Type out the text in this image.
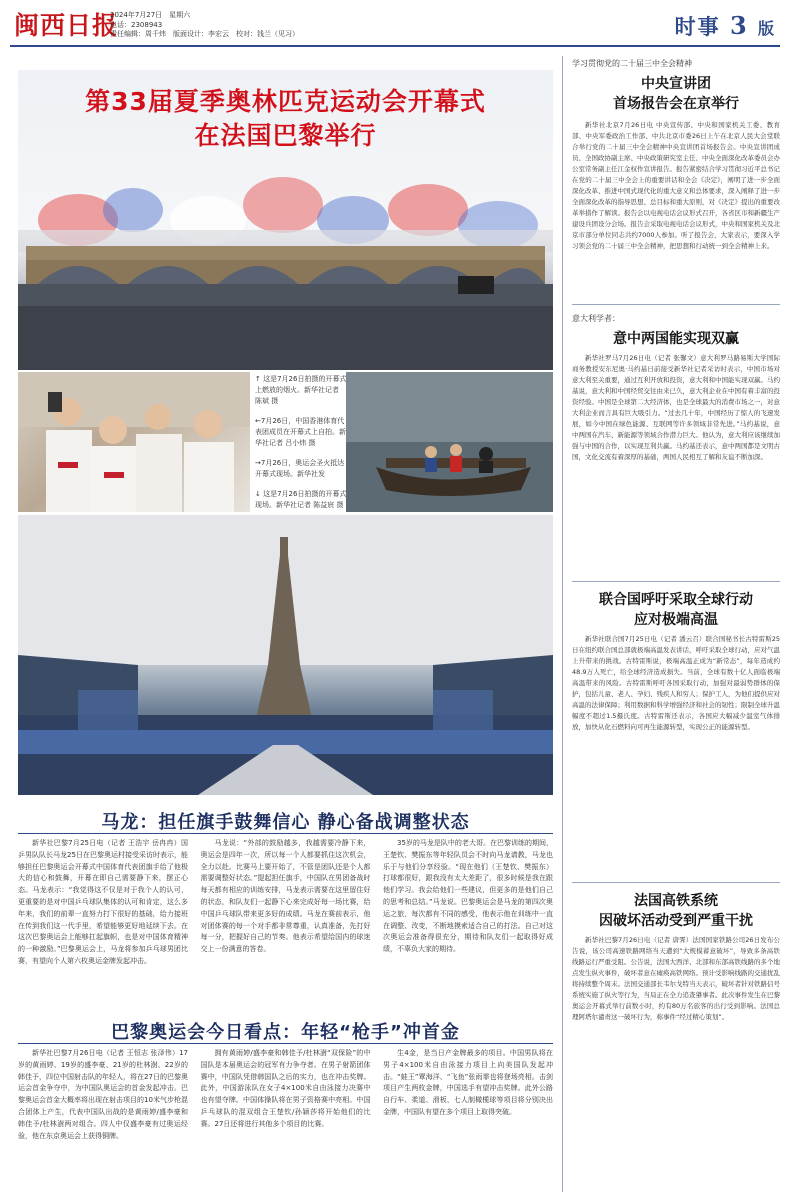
闽西日报
2024年7月27日　星期六
电话：2308943
责任编辑：周千炜　版面设计：李宏云　校对：钱兰（见习）	时事 3 版
第33届夏季奥林匹克运动会开幕式
在法国巴黎举行

↑ 这是7月26日拍摄的开幕式上燃放的烟火。新华社记者 陈斌 摄

←7月26日，中国香港体育代表团成员在开幕式上自拍。新华社记者 吕小炜 摄

→7月26日，奥运会圣火抵达开幕式现场。新华社发

↓ 这是7月26日拍摄的开幕式现场。新华社记者 陈益宸 摄

马龙：担任旗手鼓舞信心 静心备战调整状态

新华社巴黎7月25日电（记者 王浩宇 岳冉冉）国乒男队队长马龙25日在巴黎奥运村接受采访时表示，能够担任巴黎奥运会开幕式中国体育代表团旗手给了他极大的信心和鼓舞，开幕在即自己需要静下来，摆正心态。马龙表示：“我觉得这不仅是对于我个人的认可，更重要的是对中国乒乓球队集体的认可和肯定，这么多年来，我们的前辈一直努力打下很好的基础，给力接班在传到我们这一代手里，希望能够更好地延续下去。在这次巴黎奥运会上能够扛起旗帜，也是对中国体育精神的一种激励。”巴黎奥运会上，马龙将参加乒乓球男团比赛，有望向个人第六枚奥运金牌发起冲击。

马龙说：“外部的鼓励越多，我越需要冷静下来，奥运会是四年一次，所以每一个人都要抓住这次机会，全力以赴。比赛马上要开始了，不管是团队还是个人都需要调整好状态。”提起担任旗手，中国队在男团备战时每天都有相应的训练安排，马龙表示需要在这里留住好的状态，和队友们一起静下心来完成好每一场比赛，给中国乒乓球队带来更多好的成绩。马龙在赛前表示，他对团体赛的每一个对手都非常尊重，认真准备，先打好每一分，把握好自己的节奏。他表示希望给国内的球迷交上一份满意的答卷。

35岁的马龙是队中的老大哥。在巴黎训练的期间，王楚钦、樊振东等年轻队员会不时向马龙请教，马龙也乐于与他们分享经验。“现在他们（王楚钦、樊振东）打球都很好，跟我没有太大差距了，很多时候是我在跟他们学习。我会给他们一些建议，但更多的是他们自己的思考和总结。”马龙说。巴黎奥运会是马龙的第四次奥运之旅，每次都有不同的感受，他表示他在训练中一直在调整、改变，不断地摸索适合自己的打法。自己对这次奥运会准备得很充分，期待和队友们一起取得好成绩，不辜负大家的期待。

巴黎奥运会今日看点：年轻“枪手”冲首金

新华社巴黎7月26日电（记者 王恒志 张泽伟）17岁的黄雨婷、19岁的盛李豪、21岁的杜林澍、22岁的韩佳予，四位中国射击队的年轻人，将在27日的巴黎奥运会首金争夺中，为中国队奥运会的首金发起冲击。巴黎奥运会首金大概率将出现在射击项目的10米气步枪混合团体上产生，代表中国队出战的是黄雨婷/盛李豪和韩佳予/杜林澍两对组合。四人中仅盛李豪有过奥运经验，他在东京奥运会上获得铜牌。

拥有黄雨婷/盛李豪和韩佳予/杜林澍“双保险”的中国队是本届奥运会的冠军有力争夺者。在男子射箭团体赛中，中国队凭借韩国队之后的实力，也在冲击奖牌。此外，中国游泳队在女子4×100米自由泳接力决赛中也有望夺牌。中国体操队将在男子资格赛中亮相。中国乒乓球队的混双组合王楚钦/孙颖莎将开始他们的比赛。27日还将进行其他多个项目的比赛。

生4金，是当日产金牌最多的项目。中国男队将在男子4×100米自由泳接力项目上向美国队发起冲击。“蛙王”覃海洋、“飞鱼”张雨霏也将登场亮相。击剑项目产生两枚金牌，中国选手有望冲击奖牌。此外公路自行车、柔道、滑板、七人制橄榄球等项目将分别决出金牌，中国队有望在多个项目上取得突破。

学习贯彻党的二十届三中全会精神
中央宣讲团
首场报告会在京举行

新华社北京7月26日电 中央宣传部、中央和国家机关工委、教育部、中央军委政治工作部、中共北京市委26日上午在北京人民大会堂联合举行党的二十届三中全会精神中央宣讲团首场报告会。中央宣讲团成员、全国政协副主席、中央政策研究室主任、中央全面深化改革委员会办公室常务副主任江金权作宣讲报告。报告紧密结合学习贯彻习近平总书记在党的二十届三中全会上的重要讲话和全会《决定》，阐明了进一步全面深化改革、推进中国式现代化的重大意义和总体要求，深入阐释了进一步全面深化改革的指导思想、总目标和重大原则，对《决定》提出的重要改革举措作了解读。报告会以电视电话会议形式召开，各省区市和新疆生产建设兵团设分会场。报告会采取电视电话会议形式，中央和国家机关及北京市部分单位同志共约7000人参加。听了报告会，大家表示，要深入学习领会党的二十届三中全会精神，把思想和行动统一到全会精神上来。

意大利学者：
意中两国能实现双赢

新华社罗马7月26日电（记者 张馨文）意大利罗马路易斯大学国际商务教授安东尼奥·马约基日前接受新华社记者采访时表示，中国市场对意大利至关重要，通过互利开放和投资，意大利和中国能实现双赢。马约基说，意大利和中国经贸交往由来已久，意大利企业在中国有着丰富的投资经验。中国是全球第二大经济体，也是全球最大的消费市场之一，对意大利企业而言具有巨大吸引力。“过去几十年，中国经历了惊人的飞速发展，如今中国在绿色能源、互联网等许多领域非常先进。”马约基说，意中两国在汽车、新能源等领域合作潜力巨大。他认为，意大利应该继续加强与中国的合作，以实现互利共赢。马约基还表示，意中两国都是文明古国，文化交流有着深厚的基础，两国人民相互了解和友谊不断加深。

联合国呼吁采取全球行动
应对极端高温

新华社联合国7月25日电（记者 潘云召）联合国秘书长古特雷斯25日在纽约联合国总部就极端高温发表讲话，呼吁采取全球行动，应对气温上升带来的挑战。古特雷斯说，极端高温正成为“新常态”，每年造成约48.9万人死亡，给全球经济造成损失。当前，全球有数十亿人面临极端高温带来的风险。古特雷斯呼吁各国采取行动，加强对最弱势群体的保护，包括儿童、老人、孕妇、残疾人和穷人；保护工人，为他们提供应对高温的法律保障；利用数据和科学增强经济和社会的韧性；限制全球升温幅度不超过1.5摄氏度。古特雷斯还表示，各国应大幅减少温室气体排放，加快从化石燃料向可再生能源转型，实现公正的能源转型。

法国高铁系统
因破坏活动受到严重干扰

新华社巴黎7月26日电（记者 唐霁）法国国家铁路公司26日发布公告说，该公司高速铁路网络当天遭到“大规模蓄意破坏”，导致多条高铁线路运行严重受阻。公告说，法国大西洋、北部和东部高铁线路的多个地点发生纵火事件，破坏者意在瘫痪高铁网络。预计受影响线路的交通扰乱将持续整个周末。法国交通部长韦尔戈特当天表示，破坏者针对铁路信号系统实施了纵火等行为，当局正在全力追查肇事者。此次事件发生在巴黎奥运会开幕式举行前数小时，约有80万名旅客的出行受到影响。法国总理阿塔尔谴责这一破坏行为，称事件“经过精心策划”。
